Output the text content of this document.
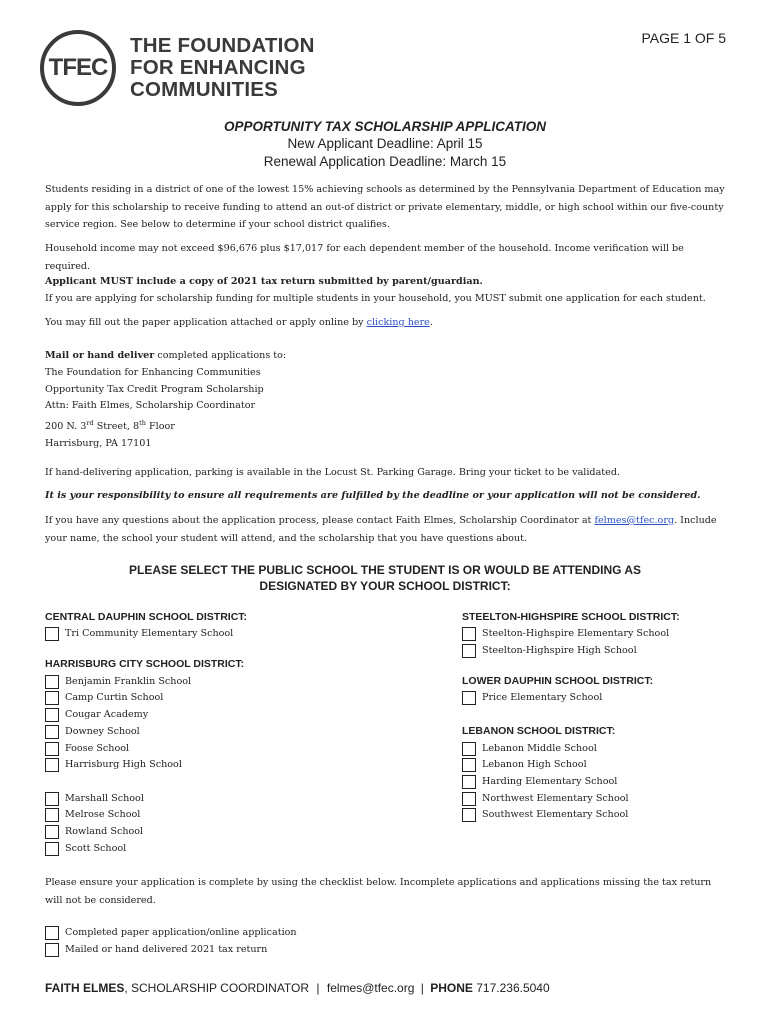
PAGE 1 OF 5
TFEC
THE FOUNDATION
FOR ENHANCING
COMMUNITIES
OPPORTUNITY TAX SCHOLARSHIP APPLICATION
New Applicant Deadline: April 15
Renewal Application Deadline: March 15

Students residing in a district of one of the lowest 15% achieving schools as determined by the Pennsylvania Department of Education may apply for this scholarship to receive funding to attend an out-of district or private elementary, middle, or high school within our five-county service region. See below to determine if your school district qualifies.

Household income may not exceed $96,676 plus $17,017 for each dependent member of the household. Income verification will be required.

Applicant MUST include a copy of 2021 tax return submitted by parent/guardian.

If you are applying for scholarship funding for multiple students in your household, you MUST submit one application for each student.

You may fill out the paper application attached or apply online by clicking here.

Mail or hand deliver completed applications to:
The Foundation for Enhancing Communities
Opportunity Tax Credit Program Scholarship
Attn: Faith Elmes, Scholarship Coordinator
200 N. 3rd Street, 8th Floor
Harrisburg, PA 17101

If hand-delivering application, parking is available in the Locust St. Parking Garage. Bring your ticket to be validated.

It is your responsibility to ensure all requirements are fulfilled by the deadline or your application will not be considered.

If you have any questions about the application process, please contact Faith Elmes, Scholarship Coordinator at felmes@tfec.org. Include your name, the school your student will attend, and the scholarship that you have questions about.

PLEASE SELECT THE PUBLIC SCHOOL THE STUDENT IS OR WOULD BE ATTENDING AS
DESIGNATED BY YOUR SCHOOL DISTRICT:
CENTRAL DAUPHIN SCHOOL DISTRICT:
Tri Community Elementary School
HARRISBURG CITY SCHOOL DISTRICT:
Benjamin Franklin School
Camp Curtin School
Cougar Academy
Downey School
Foose School
Harrisburg High School
Marshall School
Melrose School
Rowland School
Scott School
STEELTON-HIGHSPIRE SCHOOL DISTRICT:
Steelton-Highspire Elementary School
Steelton-Highspire High School
LOWER DAUPHIN SCHOOL DISTRICT:
Price Elementary School
LEBANON SCHOOL DISTRICT:
Lebanon Middle School
Lebanon High School
Harding Elementary School
Northwest Elementary School
Southwest Elementary School

Please ensure your application is complete by using the checklist below. Incomplete applications and applications missing the tax return will not be considered.

Completed paper application/online application
Mailed or hand delivered 2021 tax return
FAITH ELMES, SCHOLARSHIP COORDINATOR | felmes@tfec.org | PHONE 717.236.5040
